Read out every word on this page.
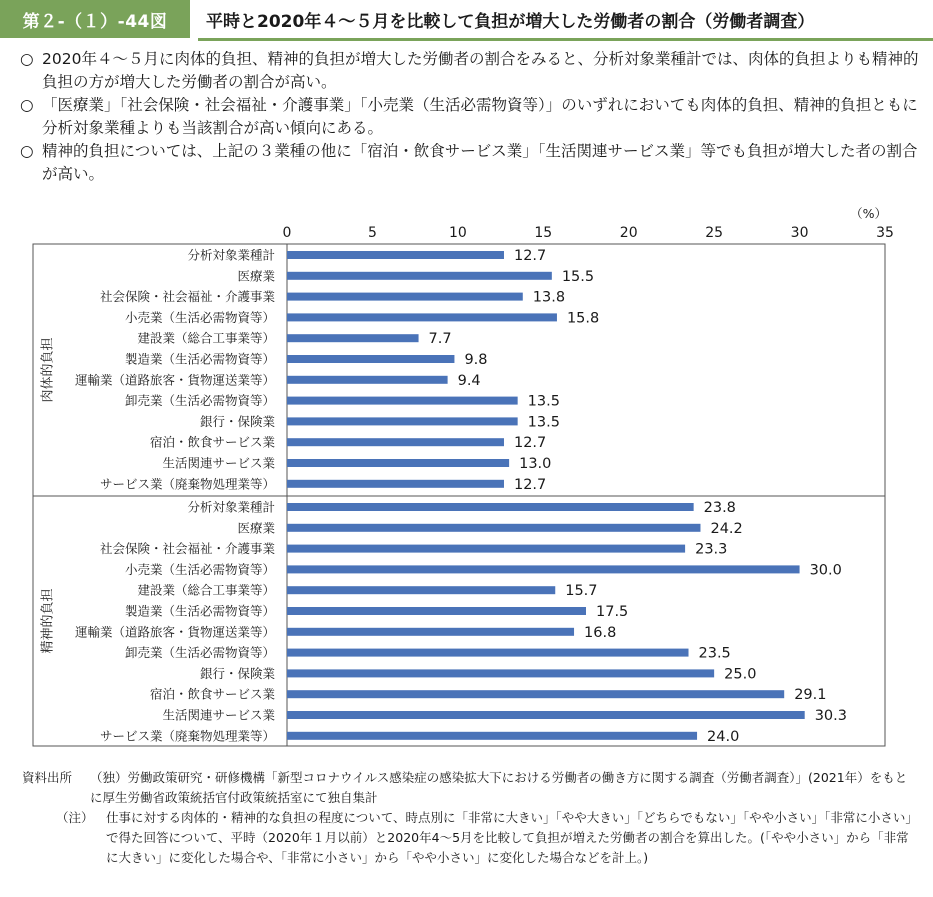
第２-（１）-44図	平時と2020年４～５月を比較して負担が増大した労働者の割合（労働者調査）

○ 2020年４～５月に肉体的負担、精神的負担が増大した労働者の割合をみると、分析対象業種計では、肉体的負担よりも精神的負担の方が増大した労働者の割合が高い。

○ 「医療業」「社会保険・社会福祉・介護事業」「小売業（生活必需物資等）」のいずれにおいても肉体的負担、精神的負担ともに分析対象業種よりも当該割合が高い傾向にある。

○ 精神的負担については、上記の３業種の他に「宿泊・飲食サービス業」「生活関連サービス業」等でも負担が増大した者の割合が高い。

（%）
0	5	10	15	20	25	30	35
肉体的負担
分析対象業種計	12.7
医療業	15.5
社会保険・社会福祉・介護事業	13.8
小売業（生活必需物資等）	15.8
建設業（総合工事業等）	7.7
製造業（生活必需物資等）	9.8
運輸業（道路旅客・貨物運送業等）	9.4
卸売業（生活必需物資等）	13.5
銀行・保険業	13.5
宿泊・飲食サービス業	12.7
生活関連サービス業	13.0
サービス業（廃棄物処理業等）	12.7
精神的負担
分析対象業種計	23.8
医療業	24.2
社会保険・社会福祉・介護事業	23.3
小売業（生活必需物資等）	30.0
建設業（総合工事業等）	15.7
製造業（生活必需物資等）	17.5
運輸業（道路旅客・貨物運送業等）	16.8
卸売業（生活必需物資等）	23.5
銀行・保険業	25.0
宿泊・飲食サービス業	29.1
生活関連サービス業	30.3
サービス業（廃棄物処理業等）	24.0

資料出所 （独）労働政策研究・研修機構「新型コロナウイルス感染症の感染拡大下における労働者の働き方に関する調査（労働者調査）」(2021年）をもとに厚生労働省政策統括官付政策統括室にて独自集計

（注） 仕事に対する肉体的・精神的な負担の程度について、時点別に「非常に大きい」「やや大きい」「どちらでもない」「やや小さい」「非常に小さい」で得た回答について、平時（2020年１月以前）と2020年4～5月を比較して負担が増えた労働者の割合を算出した。(「やや小さい」から「非常に大きい」に変化した場合や、「非常に小さい」から「やや小さい」に変化した場合などを計上。)
